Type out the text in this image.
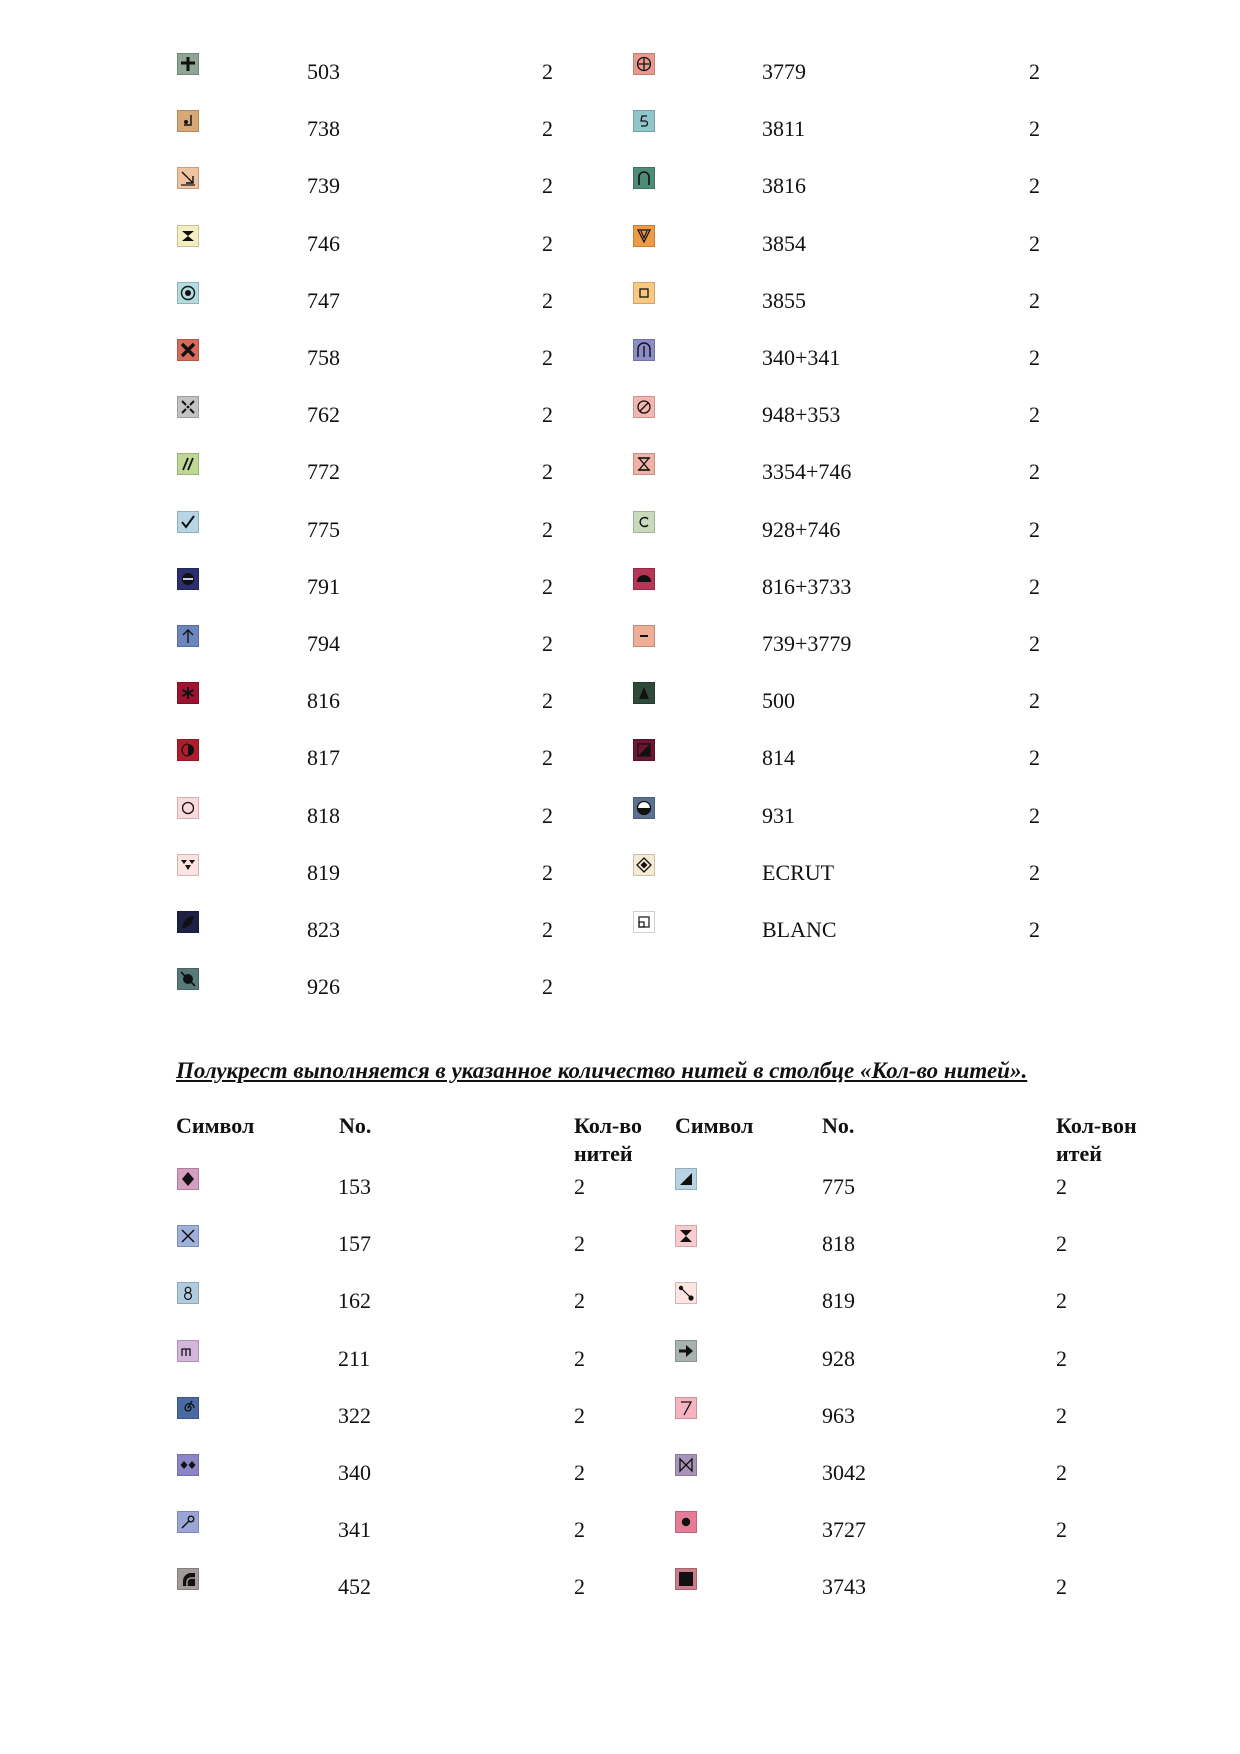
503	2
738	2
739	2
746	2
747	2
758	2
762	2
772	2
775	2
791	2
794	2
816	2
817	2
818	2
819	2
823	2
926	2
3779	2
3811	2
3816	2
3854	2
3855	2
340+341	2
948+353	2
3354+746	2
928+746	2
816+3733	2
739+3779	2
500	2
814	2
931	2
ECRUT	2
BLANC	2
Полукрест выполняется в указанное количество нитей в столбце «Кол-во нитей».
Символ	No.	Кол-во нитей
Символ	No.	Кол-вон итей
153	2
157	2
162	2
211	2
322	2
340	2
341	2
452	2
775	2
818	2
819	2
928	2
963	2
3042	2
3727	2
3743	2
